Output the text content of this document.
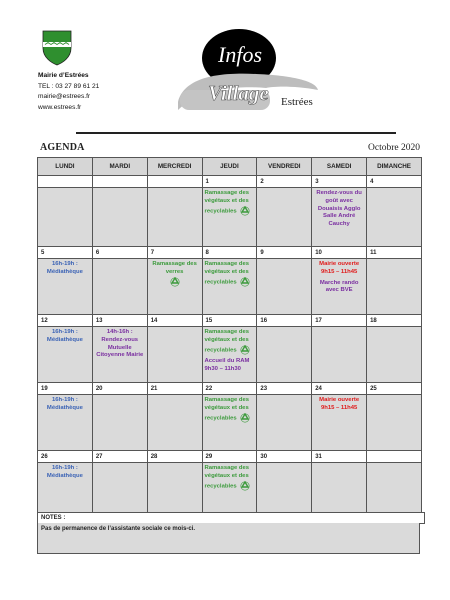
Mairie d’Estrées
TEL : 03 27 89 61 21
mairie@estrees.fr
www.estrees.fr
Infos
Village Estrées
AGENDA	Octobre 2020
LUNDI	MARDI	MERCREDI	JEUDI	VENDREDI	SAMEDI	DIMANCHE
			1	2	3	4

			Ramassage des végétaux et des recyclables		Rendez-vous du goût avec Douaisis Agglo Salle André Cauchy	

5	6	7	8	9	10	11

16h-19h : Médiathèque		Ramassage des verres	Ramassage des végétaux et des recyclables		Mairie ouverte 9h15 – 11h45
Marche rando avec BVE	

12	13	14	15	16	17	18

16h-19h : Médiathèque	14h-16h : Rendez-vous Mutuelle Citoyenne Mairie		Ramassage des végétaux et des recyclables
Accueil du RAM 9h30 – 11h30			

19	20	21	22	23	24	25

16h-19h : Médiathèque			Ramassage des végétaux et des recyclables		Mairie ouverte 9h15 – 11h45	

26	27	28	29	30	31	

16h-19h : Médiathèque			Ramassage des végétaux et des recyclables			

NOTES :
Pas de permanence de l’assistante sociale ce mois-ci.
